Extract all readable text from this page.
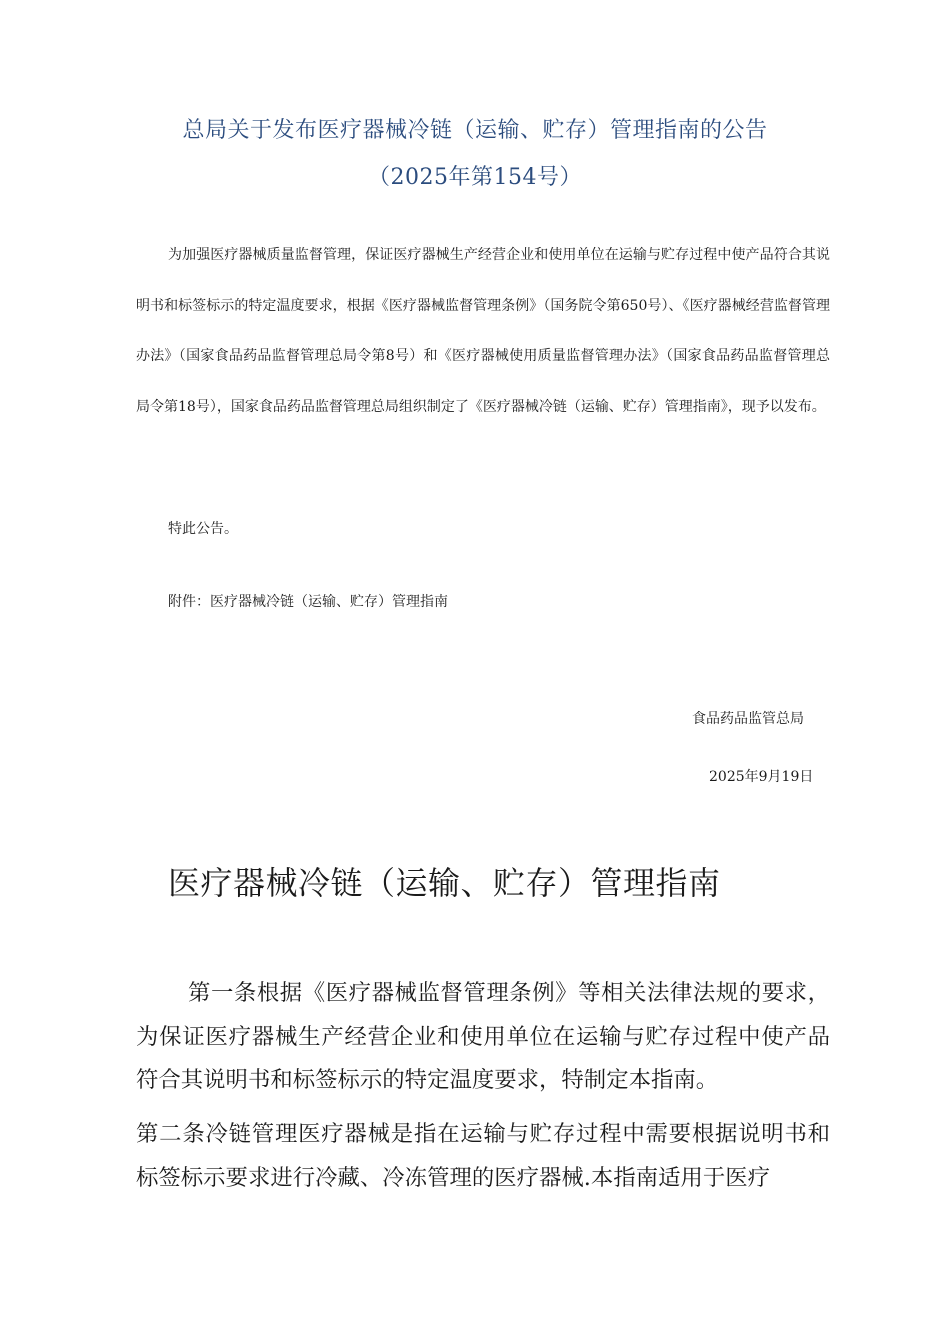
总局关于发布医疗器械冷链（运输、贮存）管理指南的公告
（2025年第154号）
为加强医疗器械质量监督管理，保证医疗器械生产经营企业和使用单位在运输与贮存过程中使产品符合其说明书和标签标示的特定温度要求，根据《医疗器械监督管理条例》（国务院令第650号）、《医疗器械经营监督管理办法》（国家食品药品监督管理总局令第8号）和《医疗器械使用质量监督管理办法》（国家食品药品监督管理总局令第18号），国家食品药品监督管理总局组织制定了《医疗器械冷链（运输、贮存）管理指南》，现予以发布。
特此公告。
附件：医疗器械冷链（运输、贮存）管理指南
食品药品监管总局
2025年9月19日
医疗器械冷链（运输、贮存）管理指南
第一条根据《医疗器械监督管理条例》等相关法律法规的要求，为保证医疗器械生产经营企业和使用单位在运输与贮存过程中使产品符合其说明书和标签标示的特定温度要求，特制定本指南。
第二条冷链管理医疗器械是指在运输与贮存过程中需要根据说明书和标签标示要求进行冷藏、冷冻管理的医疗器械.本指南适用于医疗
